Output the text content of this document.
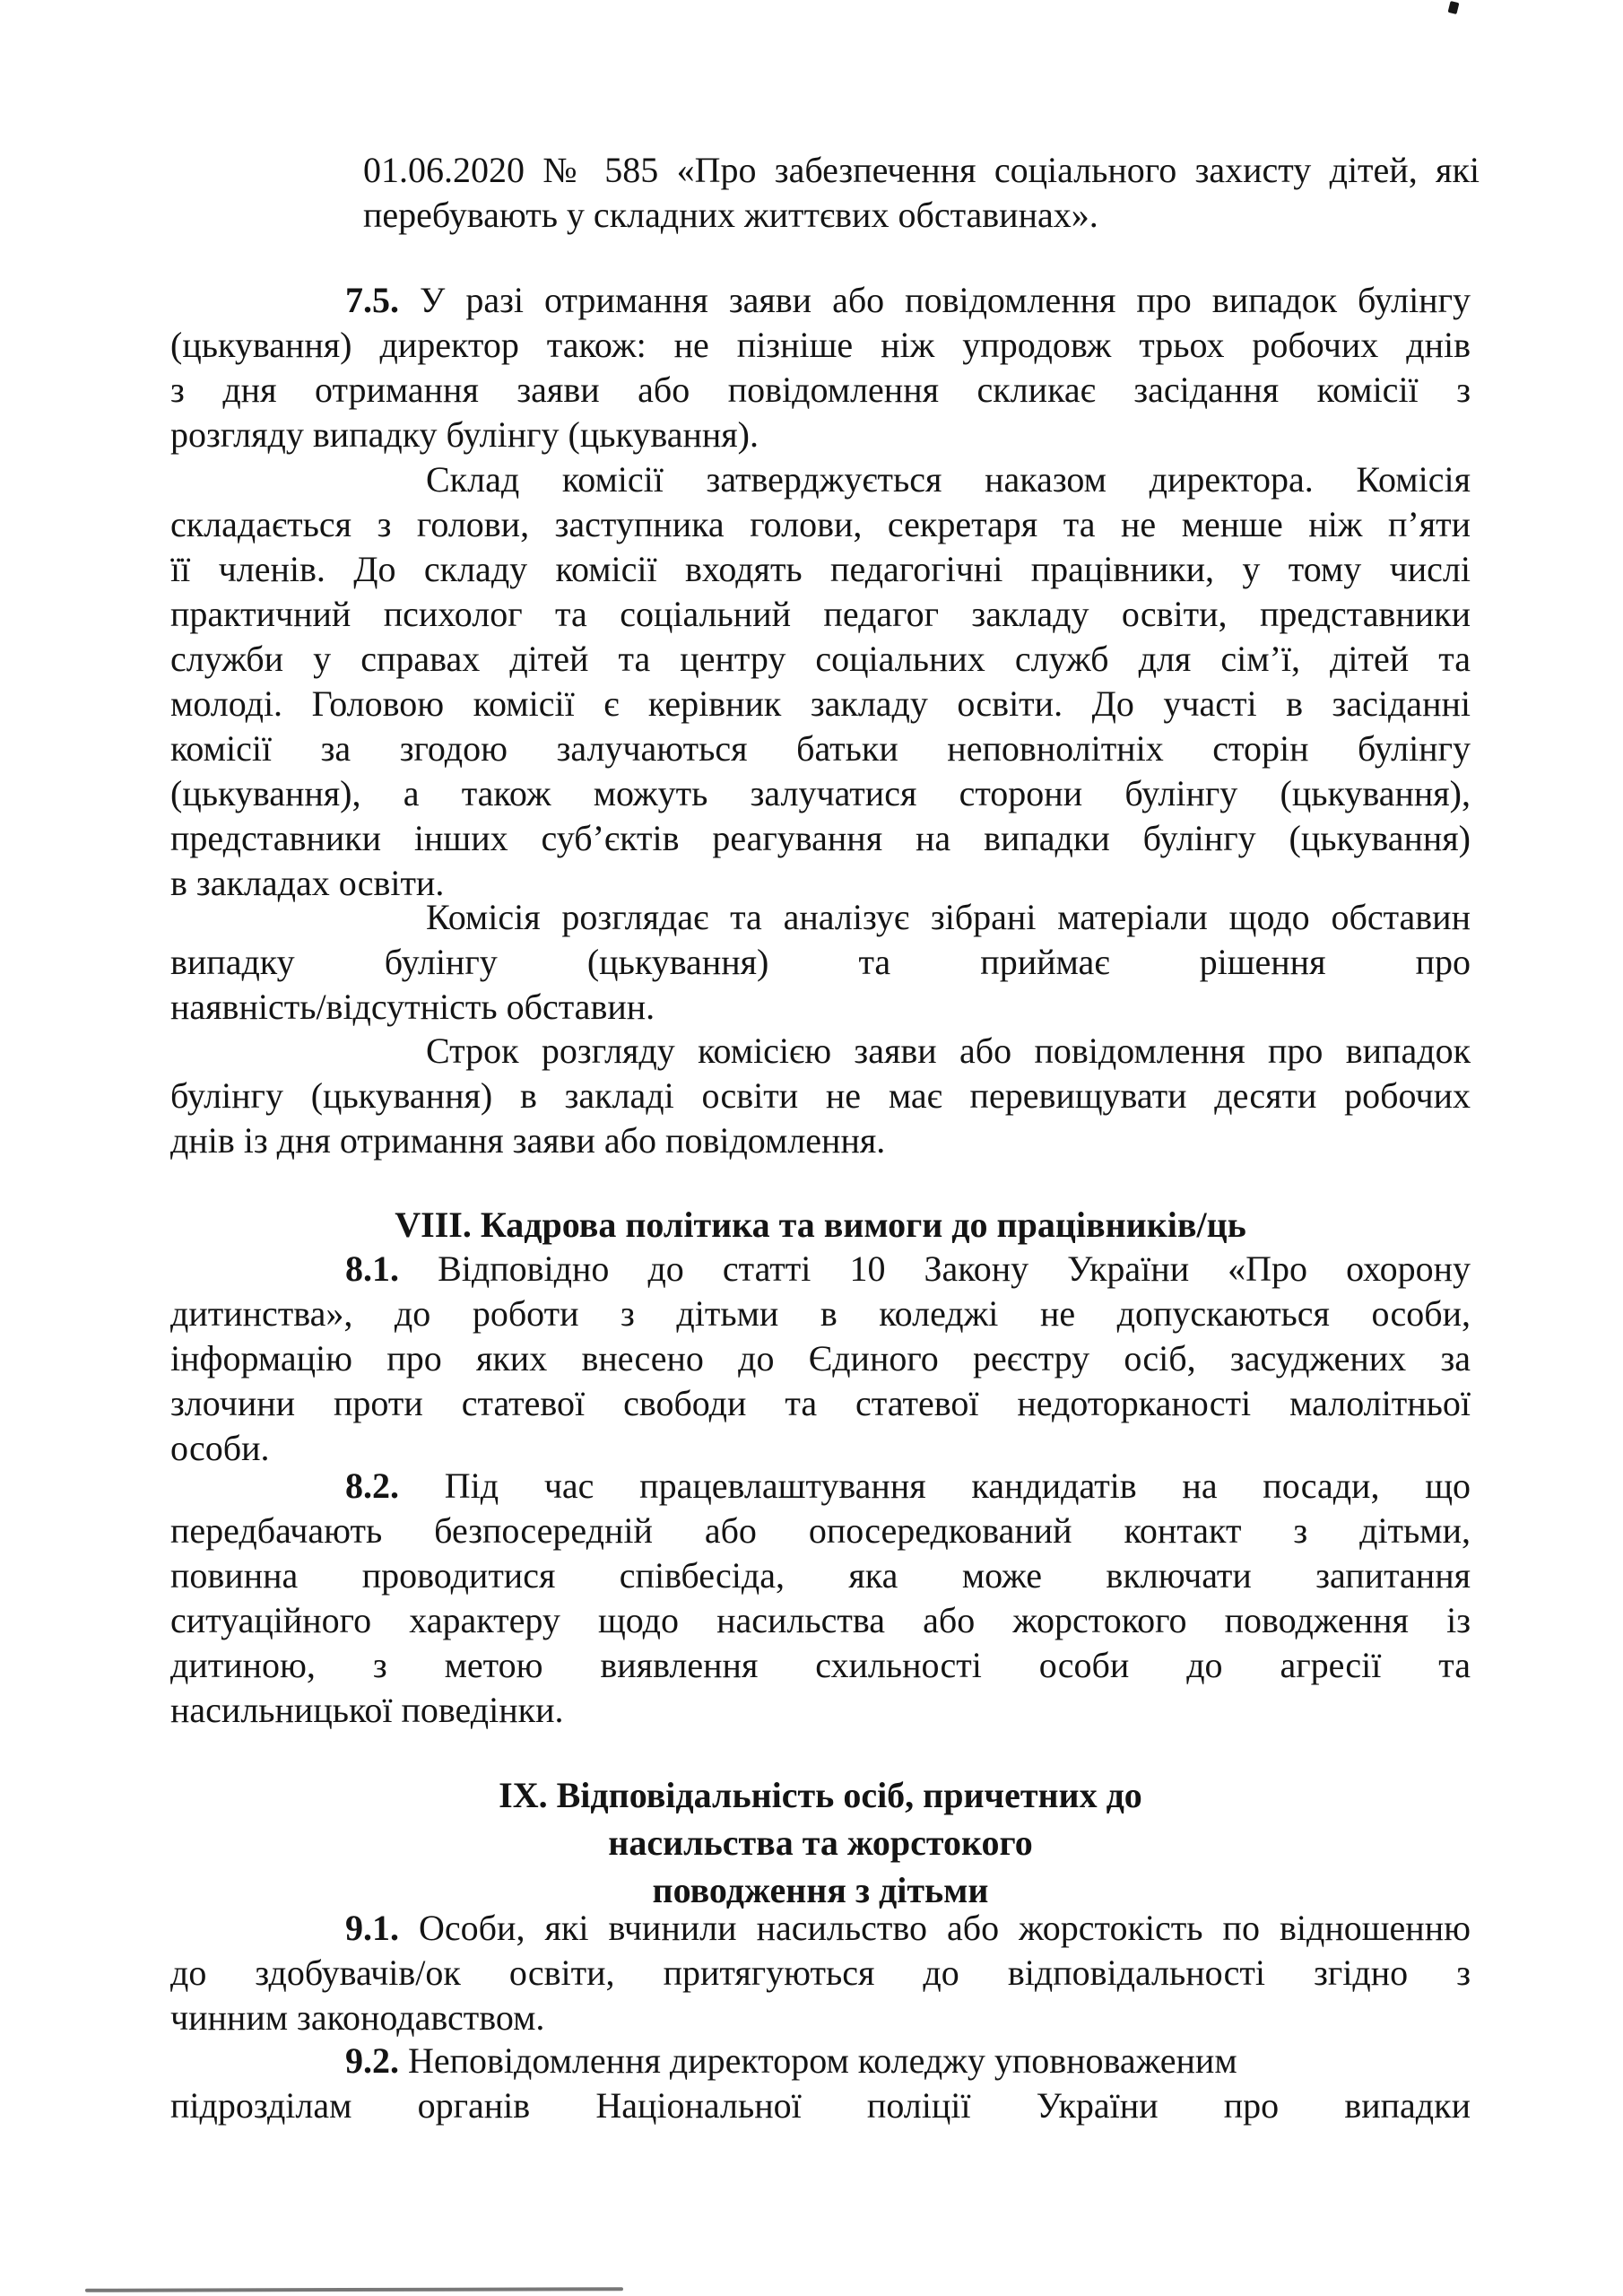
01.06.2020 № 585 «Про забезпечення соціального захисту дітей, які
перебувають у складних життєвих обставинах».
7.5. У разі отримання заяви або повідомлення про випадок булінгу
(цькування) директор також: не пізніше ніж упродовж трьох робочих днів
з дня отримання заяви або повідомлення скликає засідання комісії з
розгляду випадку булінгу (цькування).
Склад комісії затверджується наказом директора. Комісія
складається з голови, заступника голови, секретаря та не менше ніж п’яти
її членів. До складу комісії входять педагогічні працівники, у тому числі
практичний психолог та соціальний педагог закладу освіти, представники
служби у справах дітей та центру соціальних служб для сім’ї, дітей та
молоді. Головою комісії є керівник закладу освіти. До участі в засіданні
комісії за згодою залучаються батьки неповнолітніх сторін булінгу
(цькування), а також можуть залучатися сторони булінгу (цькування),
представники інших суб’єктів реагування на випадки булінгу (цькування)
в закладах освіти.
Комісія розглядає та аналізує зібрані матеріали щодо обставин
випадку булінгу (цькування) та приймає рішення про
наявність/відсутність обставин.
Строк розгляду комісією заяви або повідомлення про випадок
булінгу (цькування) в закладі освіти не має перевищувати десяти робочих
днів із дня отримання заяви або повідомлення.
VIII. Кадрова політика та вимоги до працівників/ць
8.1. Відповідно до статті 10 Закону України «Про охорону
дитинства», до роботи з дітьми в коледжі не допускаються особи,
інформацію про яких внесено до Єдиного реєстру осіб, засуджених за
злочини проти статевої свободи та статевої недоторканості малолітньої
особи.
8.2. Під час працевлаштування кандидатів на посади, що
передбачають безпосередній або опосередкований контакт з дітьми,
повинна проводитися співбесіда, яка може включати запитання
ситуаційного характеру щодо насильства або жорстокого поводження із
дитиною, з метою виявлення схильності особи до агресії та
насильницької поведінки.
IX. Відповідальність осіб, причетних до
насильства та жорстокого
поводження з дітьми
9.1. Особи, які вчинили насильство або жорстокість по відношенню
до здобувачів/ок освіти, притягуються до відповідальності згідно з
чинним законодавством.
9.2. Неповідомлення директором коледжу уповноваженим
підрозділам органів Національної поліції України про випадки
